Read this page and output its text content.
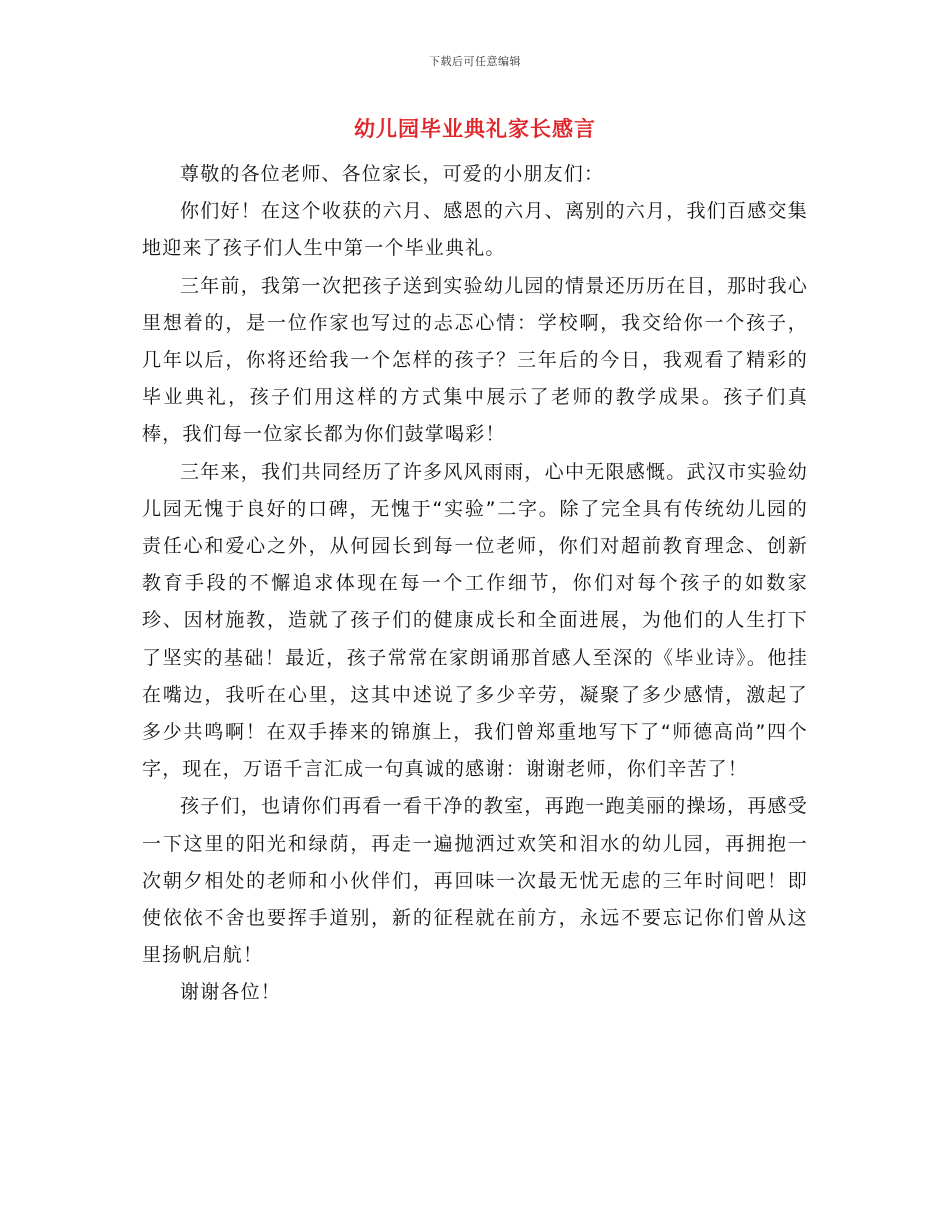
下载后可任意编辑
幼儿园毕业典礼家长感言

尊敬的各位老师、各位家长，可爱的小朋友们：

你们好！在这个收获的六月、感恩的六月、离别的六月，我们百感交集地迎来了孩子们人生中第一个毕业典礼。

三年前，我第一次把孩子送到实验幼儿园的情景还历历在目，那时我心里想着的，是一位作家也写过的忐忑心情：学校啊，我交给你一个孩子，几年以后，你将还给我一个怎样的孩子？三年后的今日，我观看了精彩的毕业典礼，孩子们用这样的方式集中展示了老师的教学成果。孩子们真棒，我们每一位家长都为你们鼓掌喝彩！

三年来，我们共同经历了许多风风雨雨，心中无限感慨。武汉市实验幼儿园无愧于良好的口碑，无愧于“实验”二字。除了完全具有传统幼儿园的责任心和爱心之外，从何园长到每一位老师，你们对超前教育理念、创新教育手段的不懈追求体现在每一个工作细节，你们对每个孩子的如数家珍、因材施教，造就了孩子们的健康成长和全面进展，为他们的人生打下了坚实的基础！最近，孩子常常在家朗诵那首感人至深的《毕业诗》。他挂在嘴边，我听在心里，这其中述说了多少辛劳，凝聚了多少感情，激起了多少共鸣啊！在双手捧来的锦旗上，我们曾郑重地写下了“师德高尚”四个字，现在，万语千言汇成一句真诚的感谢：谢谢老师，你们辛苦了！

孩子们，也请你们再看一看干净的教室，再跑一跑美丽的操场，再感受一下这里的阳光和绿荫，再走一遍抛洒过欢笑和泪水的幼儿园，再拥抱一次朝夕相处的老师和小伙伴们，再回味一次最无忧无虑的三年时间吧！即使依依不舍也要挥手道别，新的征程就在前方，永远不要忘记你们曾从这里扬帆启航！

谢谢各位！
